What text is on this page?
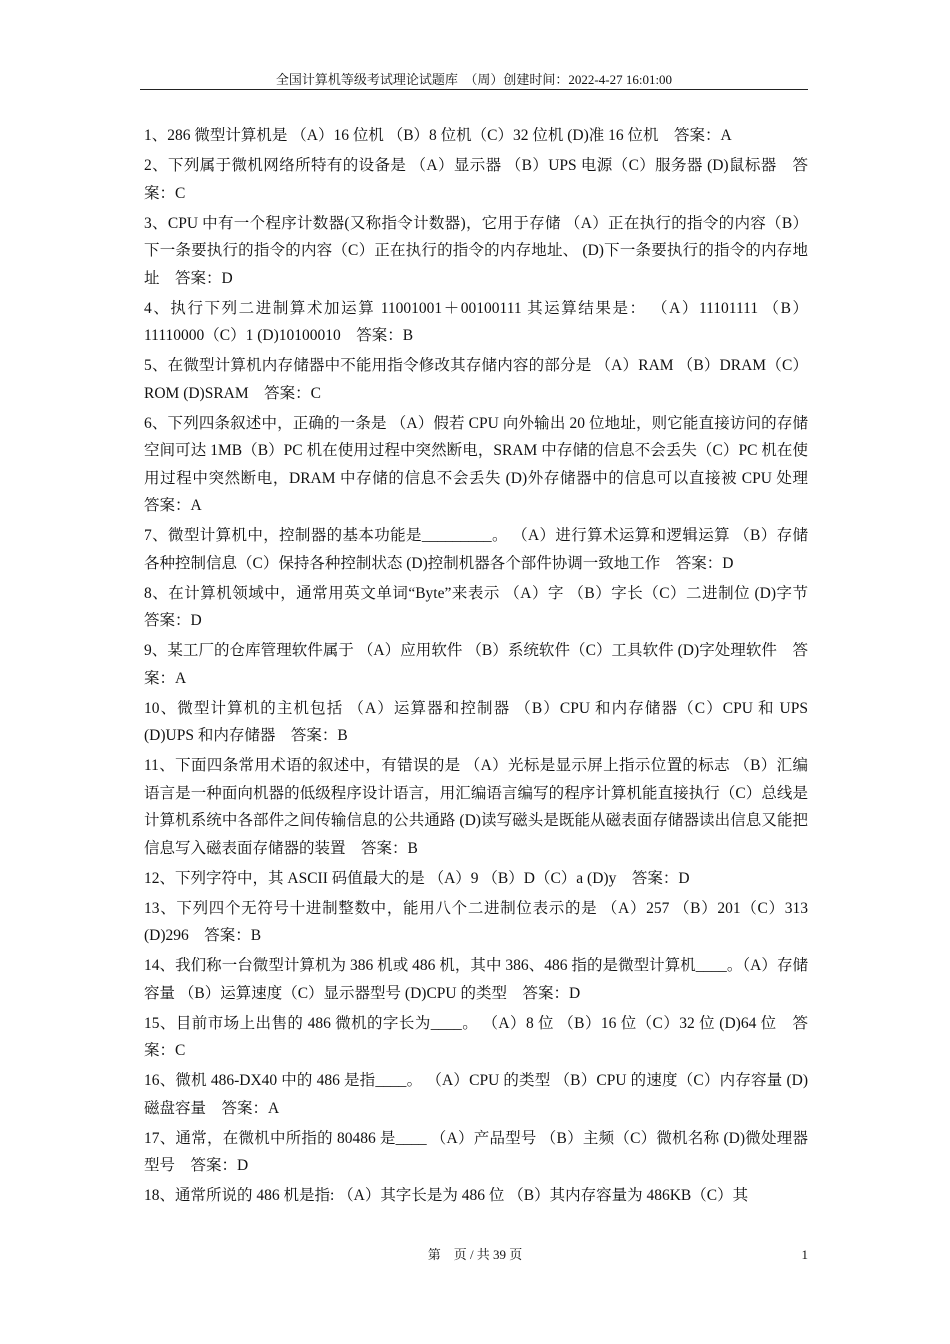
全国计算机等级考试理论试题库　（周）创建时间：2022-4-27 16:01:00
1、286 微型计算机是 （A）16 位机 （B）8 位机（C）32 位机 (D)准 16 位机　答案：A
2、下列属于微机网络所特有的设备是 （A）显示器 （B）UPS 电源（C）服务器 (D)鼠标器　答案：C
3、CPU 中有一个程序计数器(又称指令计数器)，它用于存储 （A）正在执行的指令的内容（B）下一条要执行的指令的内容（C）正在执行的指令的内存地址、 (D)下一条要执行的指令的内存地址　答案：D
4、执行下列二进制算术加运算 11001001＋00100111 其运算结果是： （A）11101111 （B）11110000（C）1 (D)10100010　答案：B
5、在微型计算机内存储器中不能用指令修改其存储内容的部分是 （A）RAM （B）DRAM（C）ROM (D)SRAM　答案：C
6、下列四条叙述中，正确的一条是 （A）假若 CPU 向外输出 20 位地址，则它能直接访问的存储空间可达 1MB（B）PC 机在使用过程中突然断电，SRAM 中存储的信息不会丢失（C）PC 机在使用过程中突然断电，DRAM 中存储的信息不会丢失 (D)外存储器中的信息可以直接被 CPU 处理　答案：A
7、微型计算机中，控制器的基本功能是_________。 （A）进行算术运算和逻辑运算 （B）存储各种控制信息（C）保持各种控制状态 (D)控制机器各个部件协调一致地工作　答案：D
8、在计算机领域中，通常用英文单词“Byte”来表示 （A）字 （B）字长（C）二进制位 (D)字节　答案：D
9、某工厂的仓库管理软件属于 （A）应用软件 （B）系统软件（C）工具软件 (D)字处理软件　答案：A
10、微型计算机的主机包括 （A）运算器和控制器 （B）CPU 和内存储器（C）CPU 和 UPS (D)UPS 和内存储器　答案：B
11、下面四条常用术语的叙述中，有错误的是 （A）光标是显示屏上指示位置的标志 （B）汇编语言是一种面向机器的低级程序设计语言，用汇编语言编写的程序计算机能直接执行（C）总线是计算机系统中各部件之间传输信息的公共通路 (D)读写磁头是既能从磁表面存储器读出信息又能把信息写入磁表面存储器的装置　答案：B
12、下列字符中，其 ASCII 码值最大的是 （A）9 （B）D（C）a (D)y　答案：D
13、下列四个无符号十进制整数中，能用八个二进制位表示的是 （A）257 （B）201（C）313 (D)296　答案：B
14、我们称一台微型计算机为 386 机或 486 机，其中 386、486 指的是微型计算机____。（A）存储容量 （B）运算速度（C）显示器型号 (D)CPU 的类型　答案：D
15、目前市场上出售的 486 微机的字长为____。 （A）8 位 （B）16 位（C）32 位 (D)64 位　答案：C
16、微机 486-DX40 中的 486 是指____。 （A）CPU 的类型 （B）CPU 的速度（C）内存容量 (D)磁盘容量　答案：A
17、通常，在微机中所指的 80486 是____ （A）产品型号 （B）主频（C）微机名称 (D)微处理器型号　答案：D
18、通常所说的 486 机是指: （A）其字长是为 486 位 （B）其内存容量为 486KB（C）其
第　页 / 共 39 页	1
